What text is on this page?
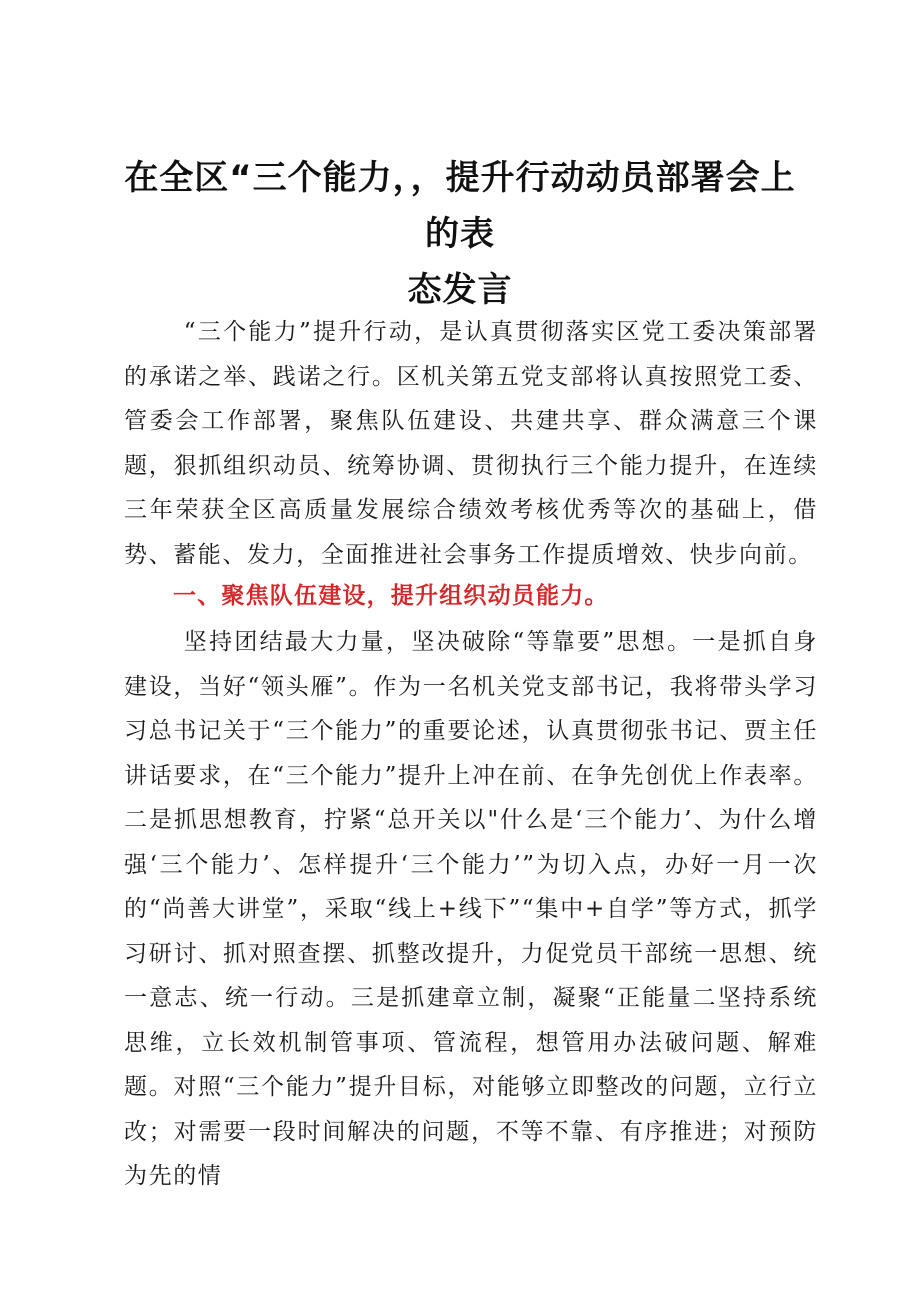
在全区“三个能力，，提升行动动员部署会上的表
态发言
“三个能力”提升行动，是认真贯彻落实区党工委决策部署的承诺之举、践诺之行。区机关第五党支部将认真按照党工委、管委会工作部署，聚焦队伍建设、共建共享、群众满意三个课题，狠抓组织动员、统筹协调、贯彻执行三个能力提升，在连续三年荣获全区高质量发展综合绩效考核优秀等次的基础上，借势、蓄能、发力，全面推进社会事务工作提质增效、快步向前。
一、聚焦队伍建设，提升组织动员能力。
坚持团结最大力量，坚决破除“等靠要”思想。一是抓自身建设，当好“领头雁”。作为一名机关党支部书记，我将带头学习习总书记关于“三个能力”的重要论述，认真贯彻张书记、贾主任讲话要求，在“三个能力”提升上冲在前、在争先创优上作表率。二是抓思想教育，拧紧“总开关以"什么是‘三个能力’、为什么增强‘三个能力’、怎样提升‘三个能力’”为切入点，办好一月一次的“尚善大讲堂”，采取“线上+线下”“集中+自学”等方式，抓学习研讨、抓对照查摆、抓整改提升，力促党员干部统一思想、统一意志、统一行动。三是抓建章立制，凝聚“正能量二坚持系统思维，立长效机制管事项、管流程，想管用办法破问题、解难题。对照“三个能力”提升目标，对能够立即整改的问题，立行立改；对需要一段时间解决的问题，不等不靠、有序推进；对预防为先的情
